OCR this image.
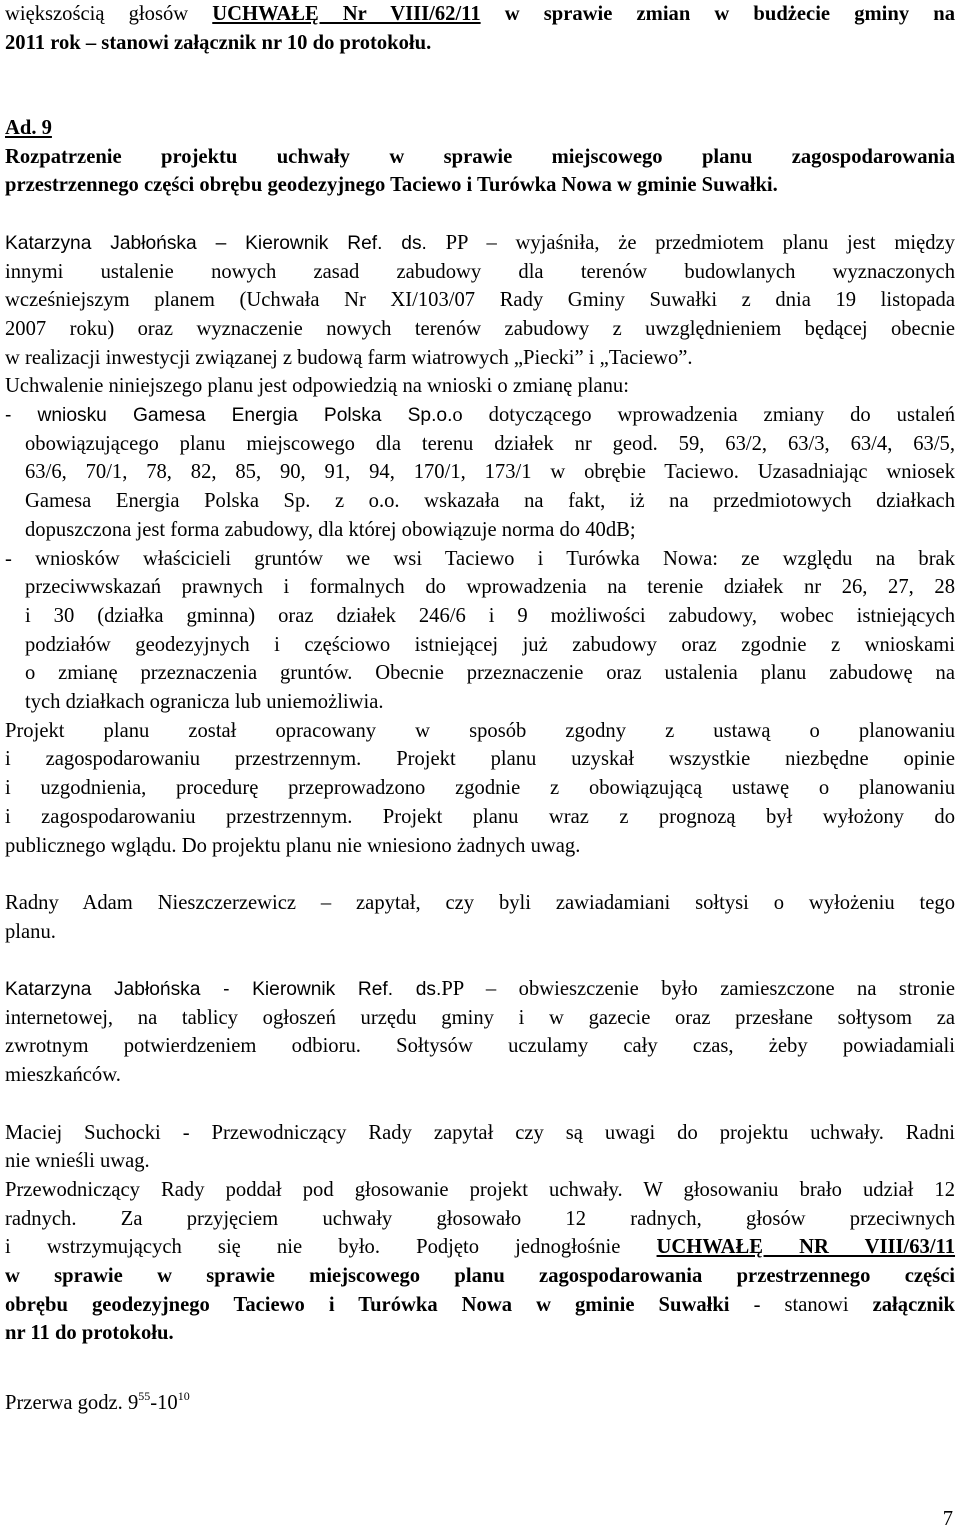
większością głosów UCHWAŁĘ Nr VIII/62/11 w sprawie zmian w budżecie gminy na
2011 rok – stanowi załącznik nr 10 do protokołu.
Ad. 9
Rozpatrzenie projektu uchwały w sprawie miejscowego planu zagospodarowania
przestrzennego części obrębu geodezyjnego Taciewo i Turówka Nowa w gminie Suwałki.
Katarzyna Jabłońska – Kierownik Ref. ds. PP – wyjaśniła, że przedmiotem planu jest między
innymi ustalenie nowych zasad zabudowy dla terenów budowlanych wyznaczonych
wcześniejszym planem (Uchwała Nr XI/103/07 Rady Gminy Suwałki z dnia 19 listopada
2007 roku) oraz wyznaczenie nowych terenów zabudowy z uwzględnieniem będącej obecnie
w realizacji inwestycji związanej z budową farm wiatrowych „Piecki” i „Taciewo”.
Uchwalenie niniejszego planu jest odpowiedzią na wnioski o zmianę planu:
- wniosku Gamesa Energia Polska Sp.o.o dotyczącego wprowadzenia zmiany do ustaleń
obowiązującego planu miejscowego dla terenu działek nr geod. 59, 63/2, 63/3, 63/4, 63/5,
63/6, 70/1, 78, 82, 85, 90, 91, 94, 170/1, 173/1 w obrębie Taciewo. Uzasadniając wniosek
Gamesa Energia Polska Sp. z o.o. wskazała na fakt, iż na przedmiotowych działkach
dopuszczona jest forma zabudowy, dla której obowiązuje norma do 40dB;
- wniosków właścicieli gruntów we wsi Taciewo i Turówka Nowa: ze względu na brak
przeciwwskazań prawnych i formalnych do wprowadzenia na terenie działek nr 26, 27, 28
i 30 (działka gminna) oraz działek 246/6 i 9 możliwości zabudowy, wobec istniejących
podziałów geodezyjnych i częściowo istniejącej już zabudowy oraz zgodnie z wnioskami
o zmianę przeznaczenia gruntów. Obecnie przeznaczenie oraz ustalenia planu zabudowę na
tych działkach ogranicza lub uniemożliwia.
Projekt planu został opracowany w sposób zgodny z ustawą o planowaniu
i zagospodarowaniu przestrzennym. Projekt planu uzyskał wszystkie niezbędne opinie
i uzgodnienia, procedurę przeprowadzono zgodnie z obowiązującą ustawę o planowaniu
i zagospodarowaniu przestrzennym. Projekt planu wraz z prognozą był wyłożony do
publicznego wglądu. Do projektu planu nie wniesiono żadnych uwag.
Radny Adam Nieszczerzewicz – zapytał, czy byli zawiadamiani sołtysi o wyłożeniu tego
planu.
Katarzyna Jabłońska - Kierownik Ref. ds.PP – obwieszczenie było zamieszczone na stronie
internetowej, na tablicy ogłoszeń urzędu gminy i w gazecie oraz przesłane sołtysom za
zwrotnym potwierdzeniem odbioru. Sołtysów uczulamy cały czas, żeby powiadamiali
mieszkańców.
Maciej Suchocki - Przewodniczący Rady zapytał czy są uwagi do projektu uchwały. Radni
nie wnieśli uwag.
Przewodniczący Rady poddał pod głosowanie projekt uchwały. W głosowaniu brało udział 12
radnych. Za przyjęciem uchwały głosowało 12 radnych, głosów przeciwnych
i wstrzymujących się nie było. Podjęto jednogłośnie UCHWAŁĘ NR VIII/63/11
w sprawie w sprawie miejscowego planu zagospodarowania przestrzennego części
obrębu geodezyjnego Taciewo i Turówka Nowa w gminie Suwałki - stanowi załącznik
nr 11 do protokołu.
Przerwa godz. $9^{55}-10^{10}$
7
